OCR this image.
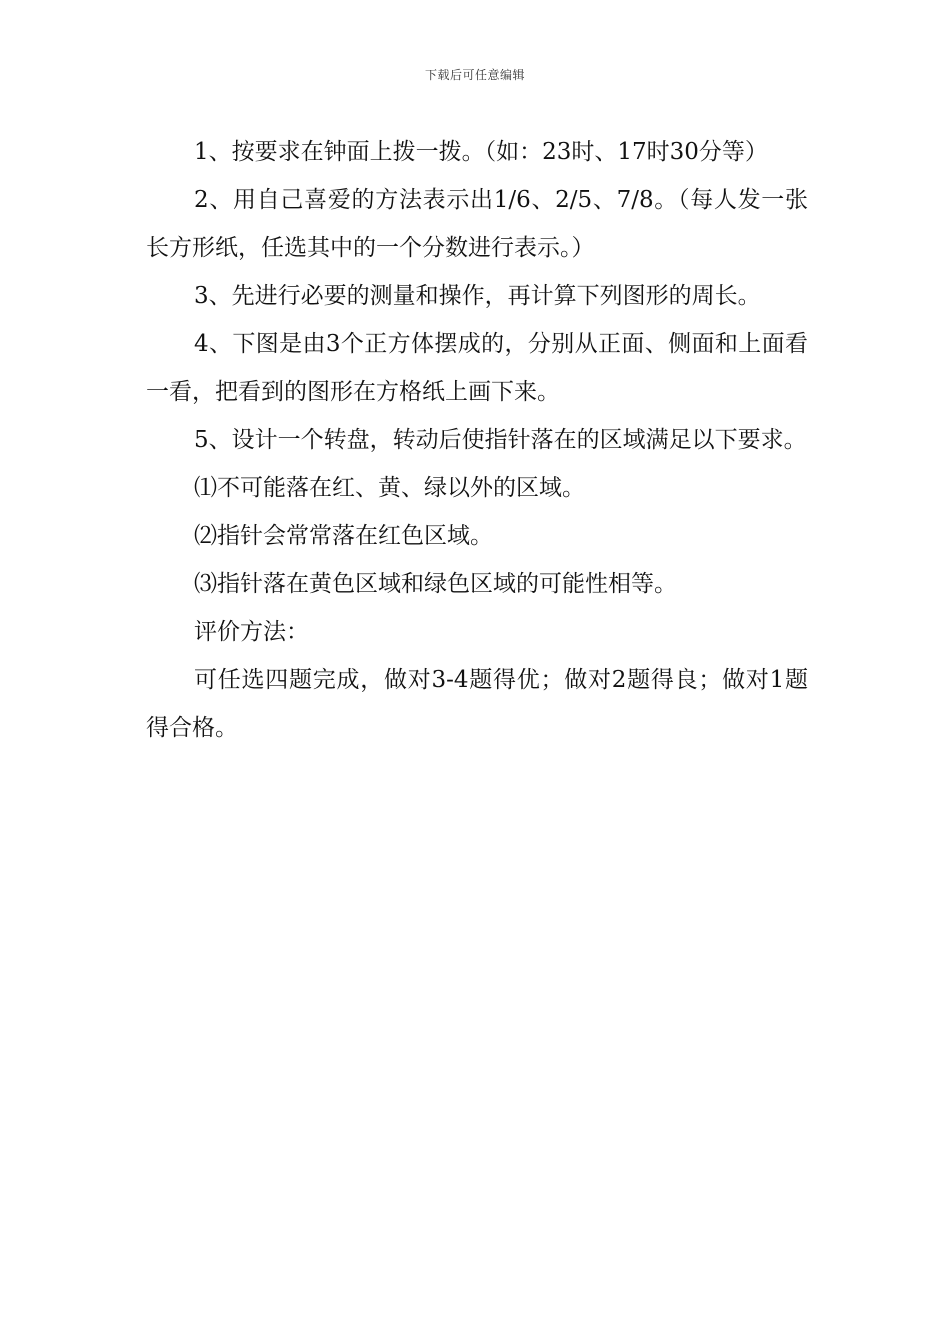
下载后可任意编辑

1、按要求在钟面上拨一拨。（如：23时、17时30分等）

2、用自己喜爱的方法表示出1/6、2/5、7/8。（每人发一张长方形纸，任选其中的一个分数进行表示。）

3、先进行必要的测量和操作，再计算下列图形的周长。

4、下图是由3个正方体摆成的，分别从正面、侧面和上面看一看，把看到的图形在方格纸上画下来。

5、设计一个转盘，转动后使指针落在的区域满足以下要求。

⑴不可能落在红、黄、绿以外的区域。

⑵指针会常常落在红色区域。

⑶指针落在黄色区域和绿色区域的可能性相等。

评价方法：

可任选四题完成，做对3-4题得优；做对2题得良；做对1题得合格。
